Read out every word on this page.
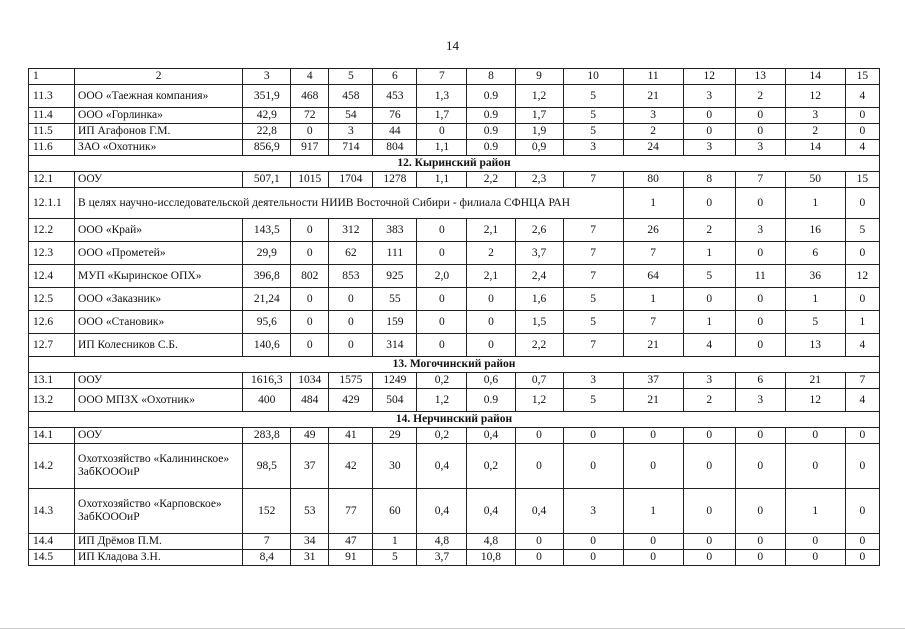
14
1	2	3	4	5	6	7	8	9	10	11	12	13	14	15
11.3	ООО «Таежная компания»	351,9	468	458	453	1,3	0.9	1,2	5	21	3	2	12	4
11.4	ООО «Горлинка»	42,9	72	54	76	1,7	0.9	1,7	5	3	0	0	3	0
11.5	ИП Агафонов Г.М.	22,8	0	3	44	0	0.9	1,9	5	2	0	0	2	0
11.6	ЗАО «Охотник»	856,9	917	714	804	1,1	0.9	0,9	3	24	3	3	14	4
12. Кыринский район														
12.1	ООУ	507,1	1015	1704	1278	1,1	2,2	2,3	7	80	8	7	50	15
12.1.1	В целях научно-исследовательской деятельности НИИВ Восточной Сибири - филиала СФНЦА РАН									1	0	0	1	0
12.2	ООО «Край»	143,5	0	312	383	0	2,1	2,6	7	26	2	3	16	5
12.3	ООО «Прометей»	29,9	0	62	111	0	2	3,7	7	7	1	0	6	0
12.4	МУП «Кыринское ОПХ»	396,8	802	853	925	2,0	2,1	2,4	7	64	5	11	36	12
12.5	ООО «Заказник»	21,24	0	0	55	0	0	1,6	5	1	0	0	1	0
12.6	ООО «Становик»	95,6	0	0	159	0	0	1,5	5	7	1	0	5	1
12.7	ИП Колесников С.Б.	140,6	0	0	314	0	0	2,2	7	21	4	0	13	4
13. Могочинский район														
13.1	ООУ	1616,3	1034	1575	1249	0,2	0,6	0,7	3	37	3	6	21	7
13.2	ООО МПЗХ «Охотник»	400	484	429	504	1,2	0.9	1,2	5	21	2	3	12	4
14. Нерчинский район														
14.1	ООУ	283,8	49	41	29	0,2	0,4	0	0	0	0	0	0	0
14.2	Охотхозяйство «Калининское» ЗабКОООиР	98,5	37	42	30	0,4	0,2	0	0	0	0	0	0	0
14.3	Охотхозяйство «Карповское» ЗабКОООиР	152	53	77	60	0,4	0,4	0,4	3	1	0	0	1	0
14.4	ИП Дрёмов П.М.	7	34	47	1	4,8	4,8	0	0	0	0	0	0	0
14.5	ИП Кладова З.Н.	8,4	31	91	5	3,7	10,8	0	0	0	0	0	0	0
